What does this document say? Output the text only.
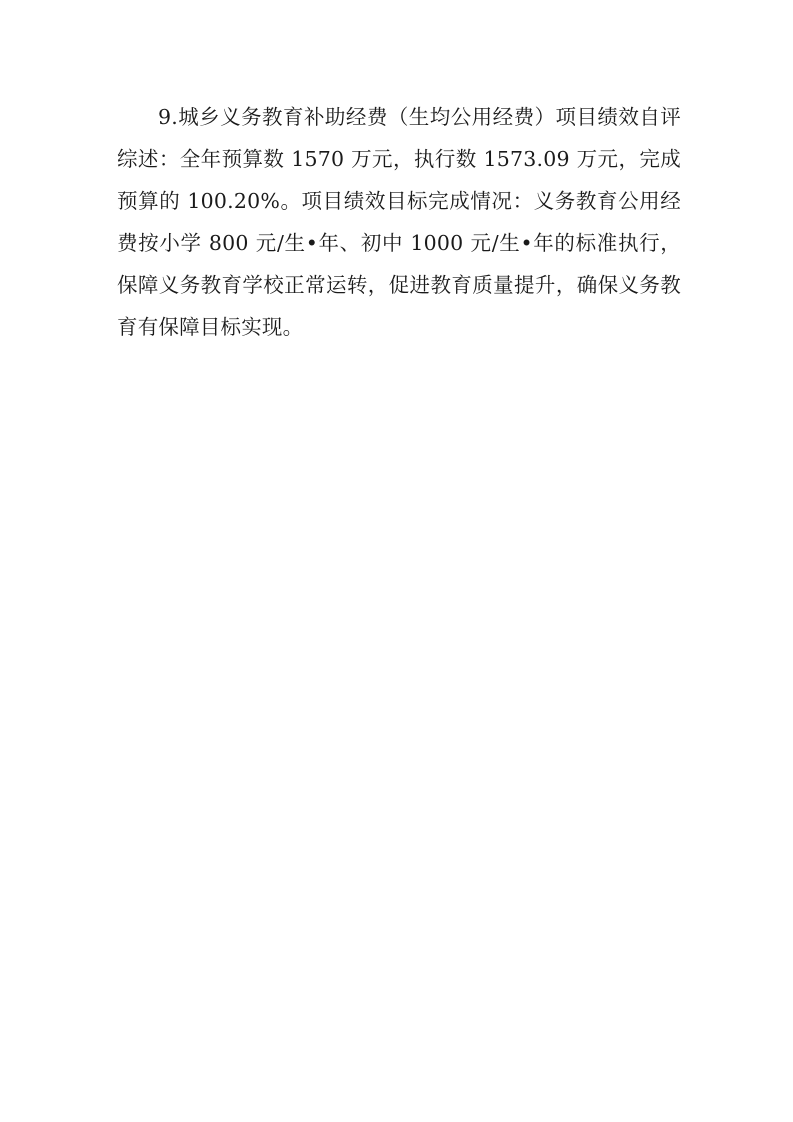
9.城乡义务教育补助经费（生均公用经费）项目绩效自评综述：全年预算数 1570 万元，执行数 1573.09 万元，完成预算的 100.20%。项目绩效目标完成情况：义务教育公用经费按小学 800 元/生•年、初中 1000 元/生•年的标准执行，保障义务教育学校正常运转，促进教育质量提升，确保义务教育有保障目标实现。
